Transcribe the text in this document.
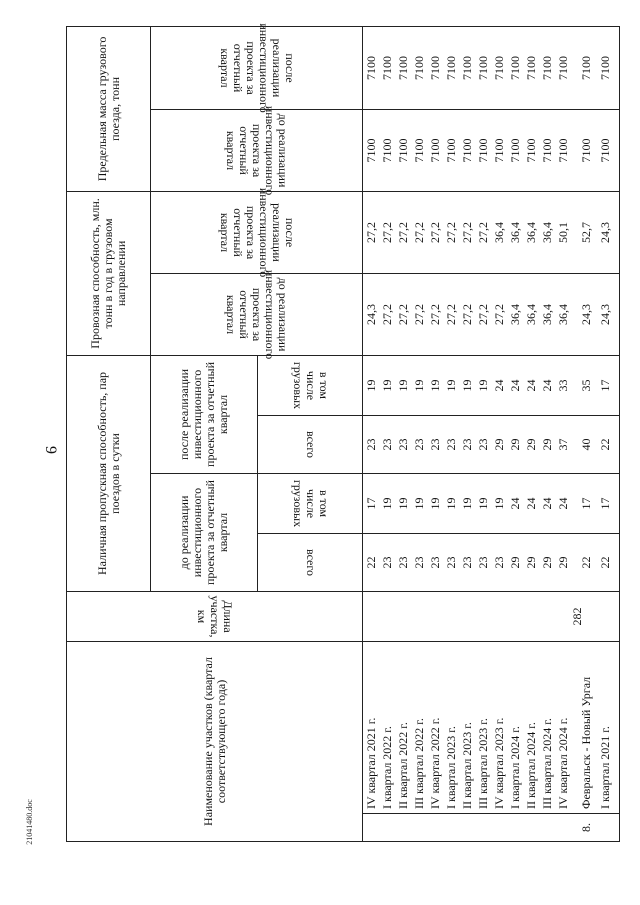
9
21041480.doc	Наименование участков (квартал соответствующего года)		Длина участка, км	Наличная пропускная способность, пар поездов в сутки				Провозная способность, млн. тонн в год в грузовом направлении		Предельная масса грузового поезда, тонн	
			до реализации инвестиционного проекта за отчетный квартал		после реализации инвестиционного проекта за отчетный квартал		до реализации инвестиционного проекта за отчетный квартал	после реализации инвестиционного проекта за отчетный квартал	до реализации инвестиционного проекта за отчетный квартал	после реализации инвестиционного проекта за отчетный квартал

всего	в том числе грузовых	всего	в том числе грузовых				

	IV квартал 2021 г.		22	17	23	19	24,3	27,2	7100	7100
	I квартал 2022 г.		23	19	23	19	27,2	27,2	7100	7100
	II квартал 2022 г.		23	19	23	19	27,2	27,2	7100	7100
	III квартал 2022 г.		23	19	23	19	27,2	27,2	7100	7100
	IV квартал 2022 г.		23	19	23	19	27,2	27,2	7100	7100
	I квартал 2023 г.		23	19	23	19	27,2	27,2	7100	7100
	II квартал 2023 г.		23	19	23	19	27,2	27,2	7100	7100
	III квартал 2023 г.		23	19	23	19	27,2	27,2	7100	7100
	IV квартал 2023 г.		23	19	29	24	27,2	36,4	7100	7100
	I квартал 2024 г.		29	24	29	24	36,4	36,4	7100	7100
	II квартал 2024 г.		29	24	29	24	36,4	36,4	7100	7100
	III квартал 2024 г.		29	24	29	24	36,4	36,4	7100	7100
	IV квартал 2024 г.		29	24	37	33	36,4	50,1	7100	7100
8.	Февральск - Новый Ургал	282	22	17	40	35	24,3	52,7	7100	7100
	I квартал 2021 г.		22	17	22	17	24,3	24,3	7100	7100
